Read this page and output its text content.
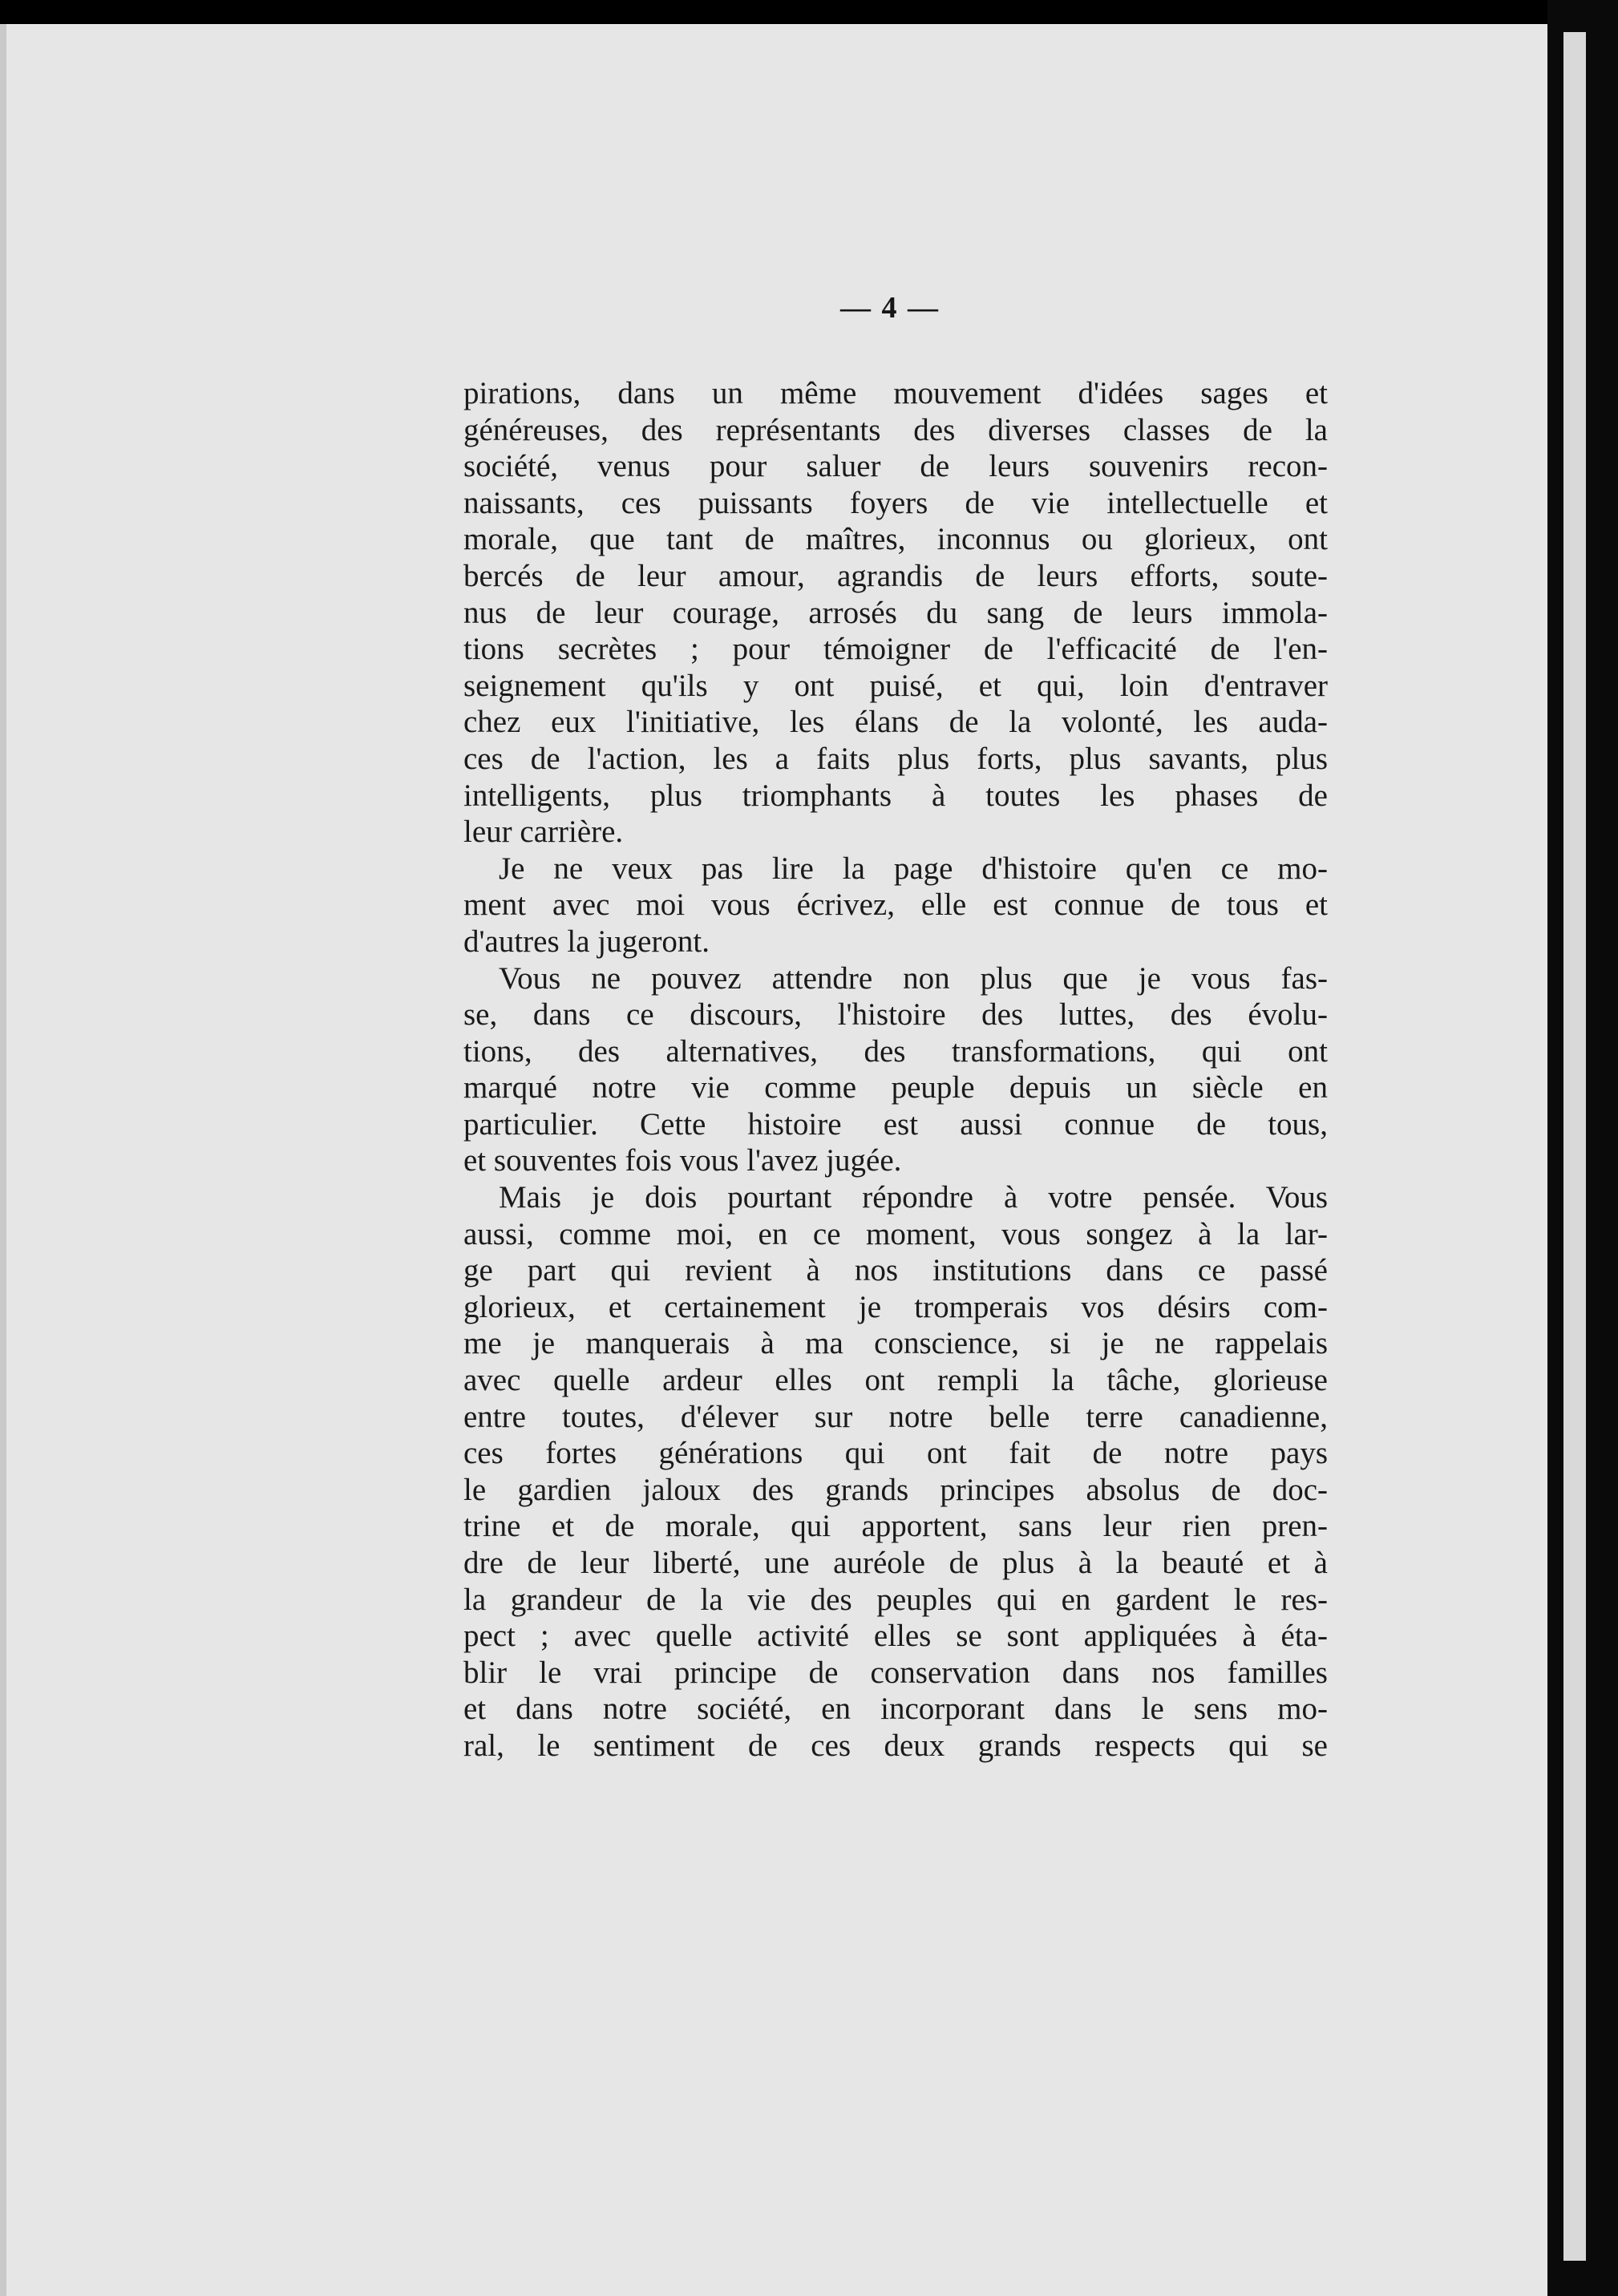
— 4 —
pirations, dans un même mouvement d'idées sages et
généreuses, des représentants des diverses classes de la
société, venus pour saluer de leurs souvenirs recon-
naissants, ces puissants foyers de vie intellectuelle et
morale, que tant de maîtres, inconnus ou glorieux, ont
bercés de leur amour, agrandis de leurs efforts, soute-
nus de leur courage, arrosés du sang de leurs immola-
tions secrètes ; pour témoigner de l'efficacité de l'en-
seignement qu'ils y ont puisé, et qui, loin d'entraver
chez eux l'initiative, les élans de la volonté, les auda-
ces de l'action, les a faits plus forts, plus savants, plus
intelligents, plus triomphants à toutes les phases de
leur carrière.
Je ne veux pas lire la page d'histoire qu'en ce mo-
ment avec moi vous écrivez, elle est connue de tous et
d'autres la jugeront.
Vous ne pouvez attendre non plus que je vous fas-
se, dans ce discours, l'histoire des luttes, des évolu-
tions, des alternatives, des transformations, qui ont
marqué notre vie comme peuple depuis un siècle en
particulier. Cette histoire est aussi connue de tous,
et souventes fois vous l'avez jugée.
Mais je dois pourtant répondre à votre pensée. Vous
aussi, comme moi, en ce moment, vous songez à la lar-
ge part qui revient à nos institutions dans ce passé
glorieux, et certainement je tromperais vos désirs com-
me je manquerais à ma conscience, si je ne rappelais
avec quelle ardeur elles ont rempli la tâche, glorieuse
entre toutes, d'élever sur notre belle terre canadienne,
ces fortes générations qui ont fait de notre pays
le gardien jaloux des grands principes absolus de doc-
trine et de morale, qui apportent, sans leur rien pren-
dre de leur liberté, une auréole de plus à la beauté et à
la grandeur de la vie des peuples qui en gardent le res-
pect ; avec quelle activité elles se sont appliquées à éta-
blir le vrai principe de conservation dans nos familles
et dans notre société, en incorporant dans le sens mo-
ral, le sentiment de ces deux grands respects qui se
